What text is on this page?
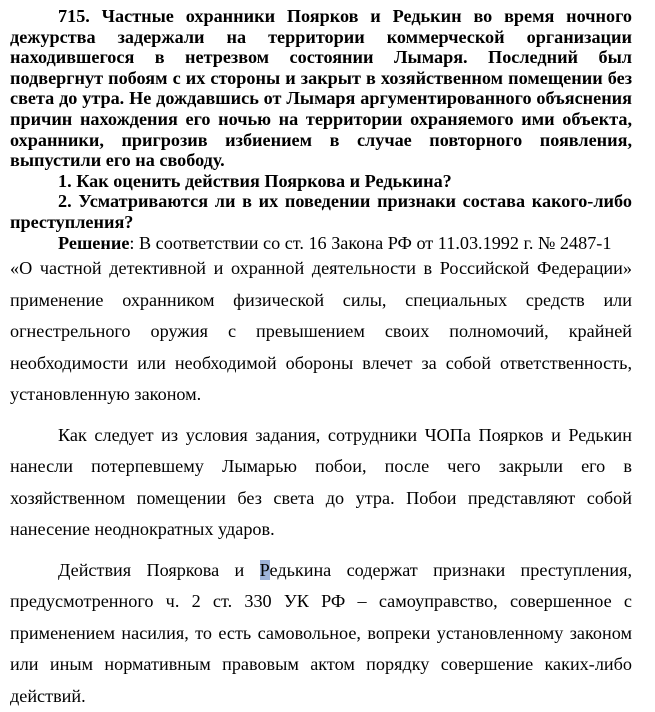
715. Частные охранники Поярков и Редькин во время ночного дежурства задержали на территории коммерческой организации находившегося в нетрезвом состоянии Лымаря. Последний был подвергнут побоям с их стороны и закрыт в хозяйственном помещении без света до утра. Не дождавшись от Лымаря аргументированного объяснения причин нахождения его ночью на территории охраняемого ими объекта, охранники, пригрозив избиением в случае повторного появления, выпустили его на свободу.

1. Как оценить действия Пояркова и Редькина?

2. Усматриваются ли в их поведении признаки состава какого-либо преступления?

Решение: В соответствии со ст. 16 Закона РФ от 11.03.1992 г. № 2487-1

«О частной детективной и охранной деятельности в Российской Федерации» применение охранником физической силы, специальных средств или огнестрельного оружия с превышением своих полномочий, крайней необходимости или необходимой обороны влечет за собой ответственность, установленную законом.

Как следует из условия задания, сотрудники ЧОПа Поярков и Редькин нанесли потерпевшему Лымарью побои, после чего закрыли его в хозяйственном помещении без света до утра. Побои представляют собой нанесение неоднократных ударов.

Действия Пояркова и Редькина содержат признаки преступления, предусмотренного ч. 2 ст. 330 УК РФ – самоуправство, совершенное с применением насилия, то есть самовольное, вопреки установленному законом или иным нормативным правовым актом порядку совершение каких-либо действий.
